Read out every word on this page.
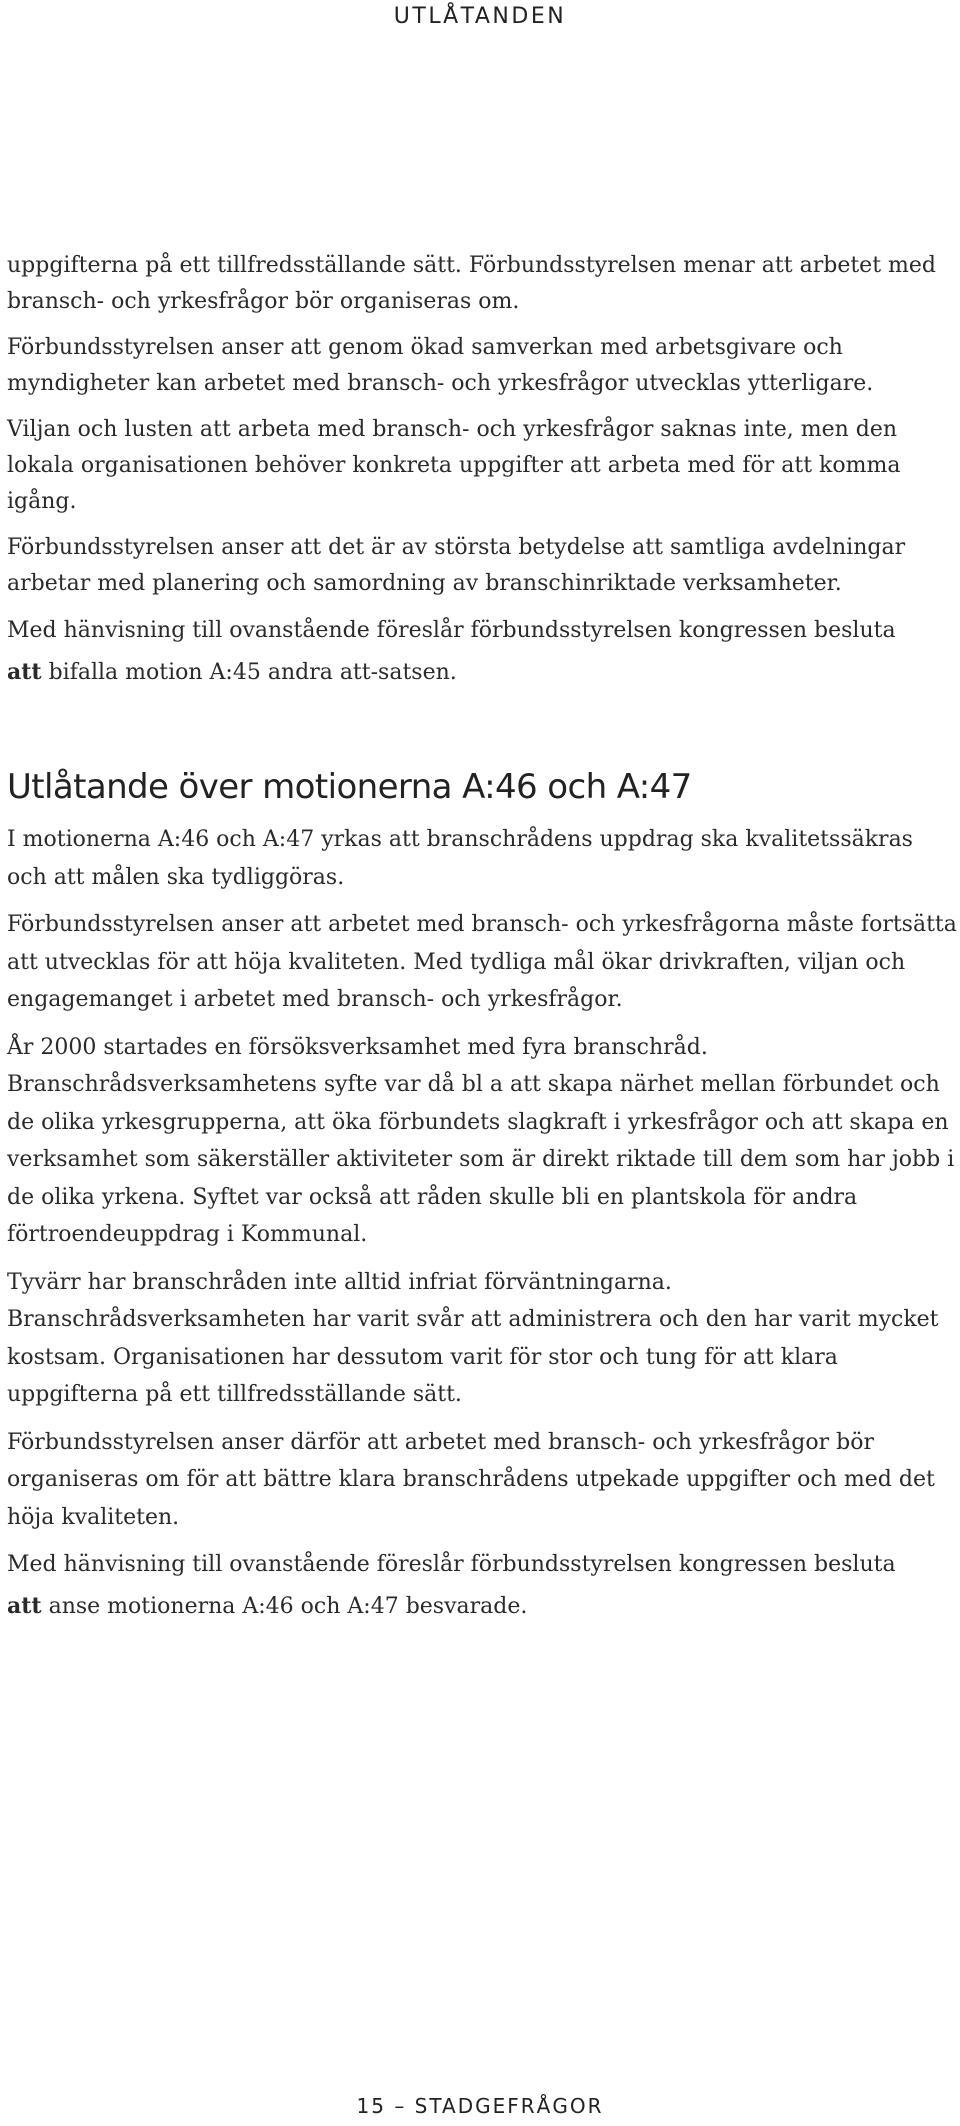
UTLÅTANDEN

uppgifterna på ett tillfredsställande sätt. Förbundsstyrelsen menar att arbetet med bransch- och yrkesfrågor bör organiseras om.

Förbundsstyrelsen anser att genom ökad samverkan med arbetsgivare och myndigheter kan arbetet med bransch- och yrkesfrågor utvecklas ytterligare.

Viljan och lusten att arbeta med bransch- och yrkesfrågor saknas inte, men den lokala organisationen behöver konkreta uppgifter att arbeta med för att komma igång.

Förbundsstyrelsen anser att det är av största betydelse att samtliga avdelningar arbetar med planering och samordning av branschinriktade verksamheter.

Med hänvisning till ovanstående föreslår förbundsstyrelsen kongressen besluta

att bifalla motion A:45 andra att-satsen.

Utlåtande över motionerna A:46 och A:47

I motionerna A:46 och A:47 yrkas att branschrådens uppdrag ska kvalitetssäkras och att målen ska tydliggöras.

Förbundsstyrelsen anser att arbetet med bransch- och yrkesfrågorna måste fortsätta att utvecklas för att höja kvaliteten. Med tydliga mål ökar drivkraften, viljan och engagemanget i arbetet med bransch- och yrkesfrågor.

År 2000 startades en försöksverksamhet med fyra branschråd. Branschrådsverksamhetens syfte var då bl a att skapa närhet mellan förbundet och de olika yrkesgrupperna, att öka förbundets slagkraft i yrkesfrågor och att skapa en verksamhet som säkerställer aktiviteter som är direkt riktade till dem som har jobb i de olika yrkena. Syftet var också att råden skulle bli en plantskola för andra förtroendeuppdrag i Kommunal.

Tyvärr har branschråden inte alltid infriat förväntningarna. Branschrådsverksamheten har varit svår att administrera och den har varit mycket kostsam. Organisationen har dessutom varit för stor och tung för att klara uppgifterna på ett tillfredsställande sätt.

Förbundsstyrelsen anser därför att arbetet med bransch- och yrkesfrågor bör organiseras om för att bättre klara branschrådens utpekade uppgifter och med det höja kvaliteten.

Med hänvisning till ovanstående föreslår förbundsstyrelsen kongressen besluta

att anse motionerna A:46 och A:47 besvarade.

15 – STADGEFRÅGOR
